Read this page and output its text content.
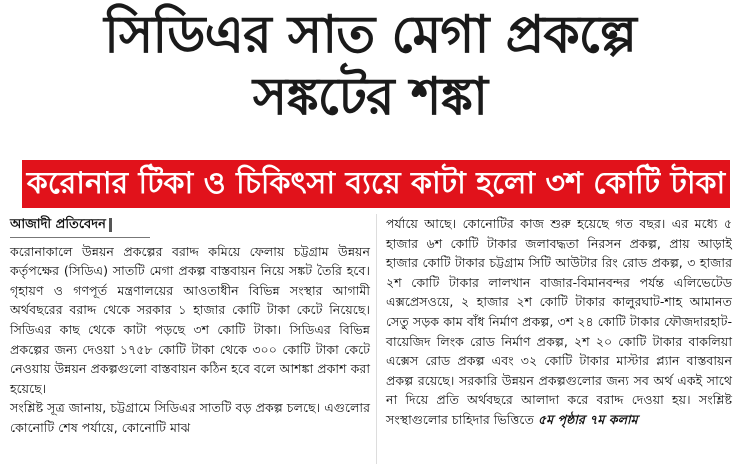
সিডিএর সাত মেগা প্রকল্পে
সঙ্কটের শঙ্কা
করোনার টিকা ও চিকিৎসা ব্যয়ে কাটা হলো ৩শ কোটি টাকা
আজাদী প্রতিবেদন

করোনাকালে উন্নয়ন প্রকল্পের বরাদ্দ কমিয়ে ফেলায় চট্টগ্রাম উন্নয়ন কর্তৃপক্ষের (সিডিএ) সাতটি মেগা প্রকল্প বাস্তবায়ন নিয়ে সঙ্কট তৈরি হবে। গৃহায়ণ ও গণপূর্ত মন্ত্রণালয়ের আওতাধীন বিভিন্ন সংস্থার আগামী অর্থবছরের বরাদ্দ থেকে সরকার ১ হাজার কোটি টাকা কেটে নিয়েছে। সিডিএর কাছ থেকে কাটা পড়ছে ৩শ কোটি টাকা। সিডিএর বিভিন্ন প্রকল্পের জন্য দেওয়া ১৭৫৮ কোটি টাকা থেকে ৩০০ কোটি টাকা কেটে নেওয়ায় উন্নয়ন প্রকল্পগুলো বাস্তবায়ন কঠিন হবে বলে আশঙ্কা প্রকাশ করা হয়েছে।

সংশ্লিষ্ট সূত্র জানায়, চট্টগ্রামে সিডিএর সাতটি বড় প্রকল্প চলছে। এগুলোর কোনোটি শেষ পর্যায়ে, কোনোটি মাঝ

পর্যায়ে আছে। কোনোটির কাজ শুরু হয়েছে গত বছর। এর মধ্যে ৫ হাজার ৬শ কোটি টাকার জলাবদ্ধতা নিরসন প্রকল্প, প্রায় আড়াই হাজার কোটি টাকার চট্টগ্রাম সিটি আউটার রিং রোড প্রকল্প, ৩ হাজার ২শ কোটি টাকার লালখান বাজার-বিমানবন্দর পর্যন্ত এলিভেটেড এক্সপ্রেসওয়ে, ২ হাজার ২শ কোটি টাকার কালুরঘাট-শাহ আমানত সেতু সড়ক কাম বাঁধ নির্মাণ প্রকল্প, ৩শ ২৪ কোটি টাকার ফৌজদারহাট-বায়েজিদ লিংক রোড নির্মাণ প্রকল্প, ২শ ২০ কোটি টাকার বাকলিয়া এক্সেস রোড প্রকল্প এবং ৩২ কোটি টাকার মাস্টার প্ল্যান বাস্তবায়ন প্রকল্প রয়েছে। সরকারি উন্নয়ন প্রকল্পগুলোর জন্য সব অর্থ একই সাথে না দিয়ে প্রতি অর্থবছরে আলাদা করে বরাদ্দ দেওয়া হয়। সংশ্লিষ্ট সংস্থাগুলোর চাহিদার ভিত্তিতে ৫ম পৃষ্ঠার ৭ম কলাম
